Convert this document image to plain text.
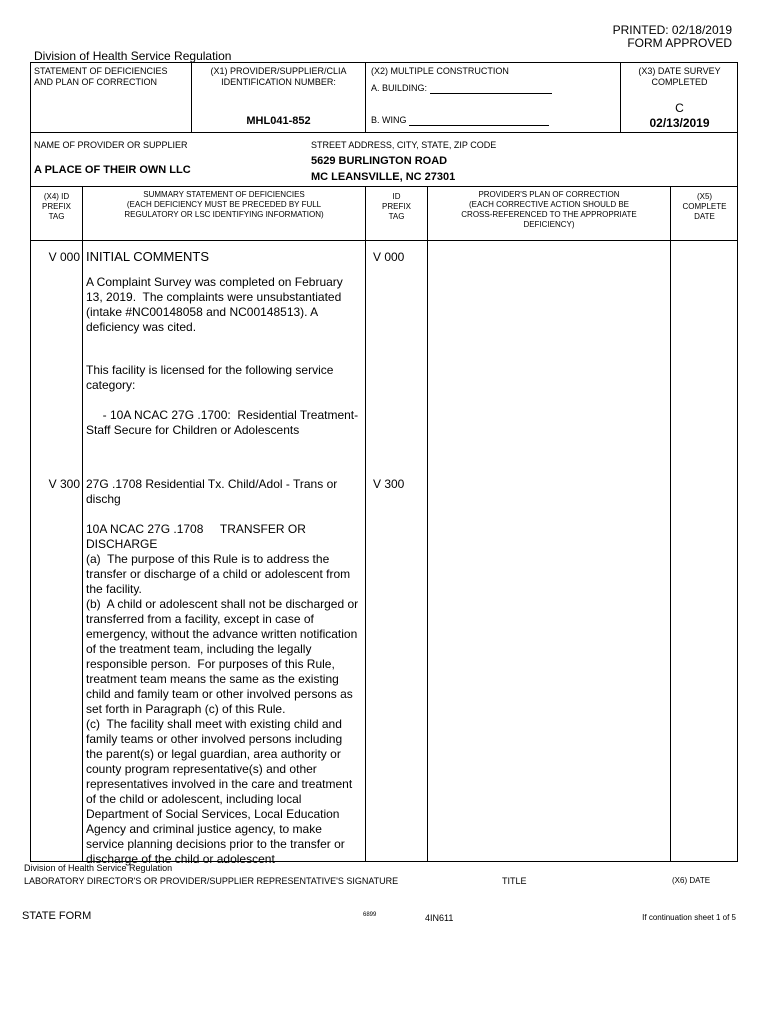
PRINTED: 02/18/2019
FORM APPROVED
Division of Health Service Regulation
STATEMENT OF DEFICIENCIES
AND PLAN OF CORRECTION
(X1) PROVIDER/SUPPLIER/CLIA
IDENTIFICATION NUMBER:
MHL041-852
(X2) MULTIPLE CONSTRUCTION
A. BUILDING:
B. WING
(X3) DATE SURVEY
COMPLETED
C
02/13/2019
NAME OF PROVIDER OR SUPPLIER
A PLACE OF THEIR OWN LLC
STREET ADDRESS, CITY, STATE, ZIP CODE
5629 BURLINGTON ROAD
MC LEANSVILLE, NC 27301
(X4) ID
PREFIX
TAG
SUMMARY STATEMENT OF DEFICIENCIES
(EACH DEFICIENCY MUST BE PRECEDED BY FULL
REGULATORY OR LSC IDENTIFYING INFORMATION)
ID
PREFIX
TAG
PROVIDER'S PLAN OF CORRECTION
(EACH CORRECTIVE ACTION SHOULD BE
CROSS-REFERENCED TO THE APPROPRIATE
DEFICIENCY)
(X5)
COMPLETE
DATE
V 000	V 000
INITIAL COMMENTS
A Complaint Survey was completed on February 13, 2019.  The complaints were unsubstantiated (intake #NC00148058 and NC00148513). A deficiency was cited.
This facility is licensed for the following service category:
- 10A NCAC 27G .1700:  Residential Treatment-Staff Secure for Children or Adolescents
V 300	V 300
27G .1708 Residential Tx. Child/Adol - Trans or dischg
10A NCAC 27G .1708     TRANSFER OR DISCHARGE
(a)  The purpose of this Rule is to address the transfer or discharge of a child or adolescent from the facility.
(b)  A child or adolescent shall not be discharged or transferred from a facility, except in case of emergency, without the advance written notification of the treatment team, including the legally responsible person.  For purposes of this Rule, treatment team means the same as the existing child and family team or other involved persons as set forth in Paragraph (c) of this Rule.
(c)  The facility shall meet with existing child and family teams or other involved persons including the parent(s) or legal guardian, area authority or county program representative(s) and other representatives involved in the care and treatment of the child or adolescent, including local Department of Social Services, Local Education Agency and criminal justice agency, to make service planning decisions prior to the transfer or discharge of the child or adolescent
Division of Health Service Regulation
LABORATORY DIRECTOR'S OR PROVIDER/SUPPLIER REPRESENTATIVE'S SIGNATURE	TITLE	(X6) DATE
STATE FORM	6899	4IN611	If continuation sheet 1 of 5
